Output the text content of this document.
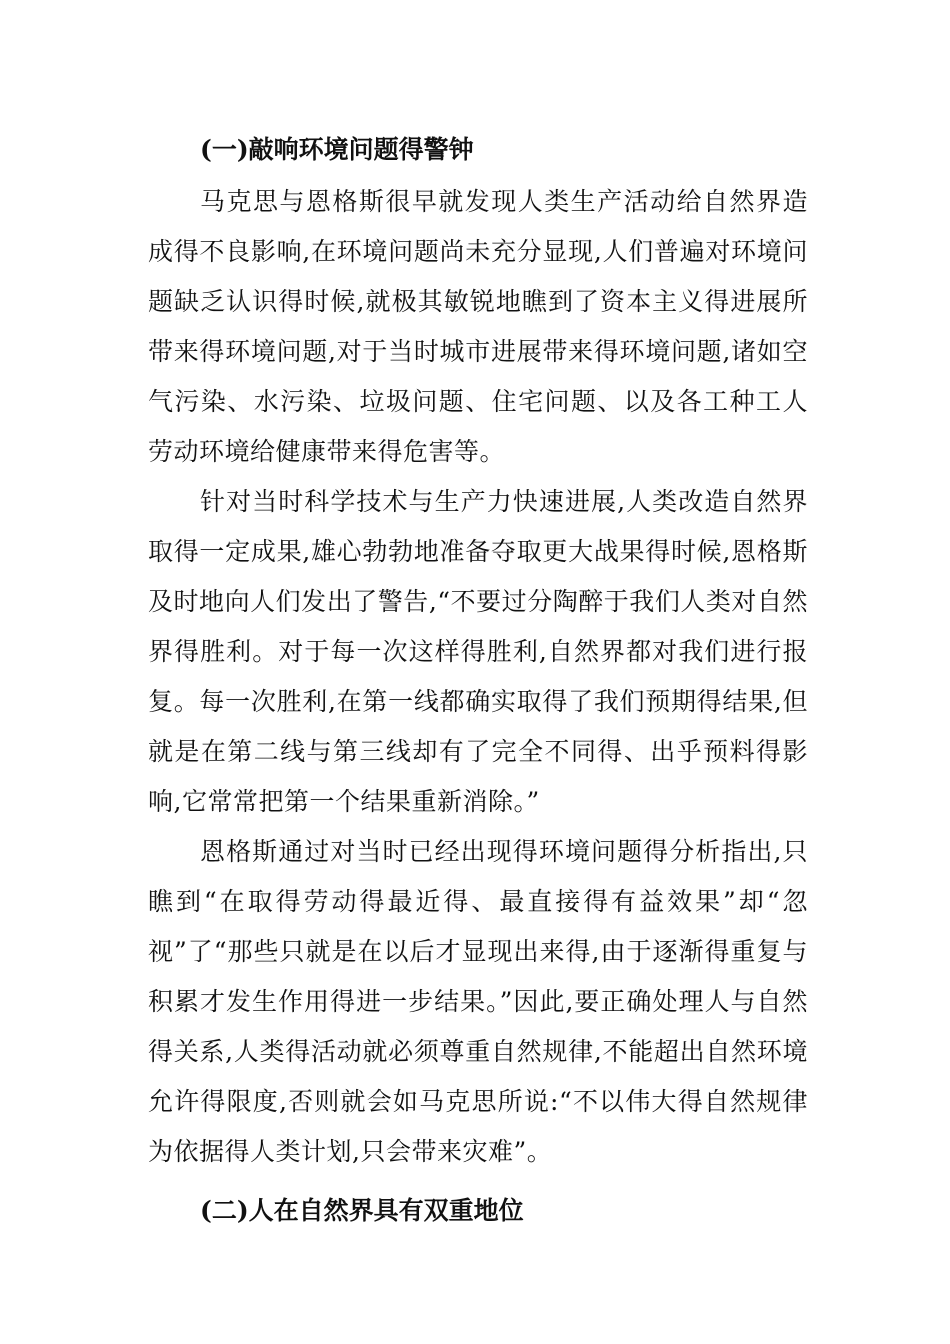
(一)敲响环境问题得警钟

马克思与恩格斯很早就发现人类生产活动给自然界造成得不良影响,在环境问题尚未充分显现,人们普遍对环境问题缺乏认识得时候,就极其敏锐地瞧到了资本主义得进展所带来得环境问题,对于当时城市进展带来得环境问题,诸如空气污染、水污染、垃圾问题、住宅问题、以及各工种工人劳动环境给健康带来得危害等。

针对当时科学技术与生产力快速进展,人类改造自然界取得一定成果,雄心勃勃地准备夺取更大战果得时候,恩格斯及时地向人们发出了警告,“不要过分陶醉于我们人类对自然界得胜利。对于每一次这样得胜利,自然界都对我们进行报复。每一次胜利,在第一线都确实取得了我们预期得结果,但就是在第二线与第三线却有了完全不同得、出乎预料得影响,它常常把第一个结果重新消除。”

恩格斯通过对当时已经出现得环境问题得分析指出,只瞧到“在取得劳动得最近得、最直接得有益效果”却“忽视”了“那些只就是在以后才显现出来得,由于逐渐得重复与积累才发生作用得进一步结果。”因此,要正确处理人与自然得关系,人类得活动就必须尊重自然规律,不能超出自然环境允许得限度,否则就会如马克思所说:“不以伟大得自然规律为依据得人类计划,只会带来灾难”。

(二)人在自然界具有双重地位
